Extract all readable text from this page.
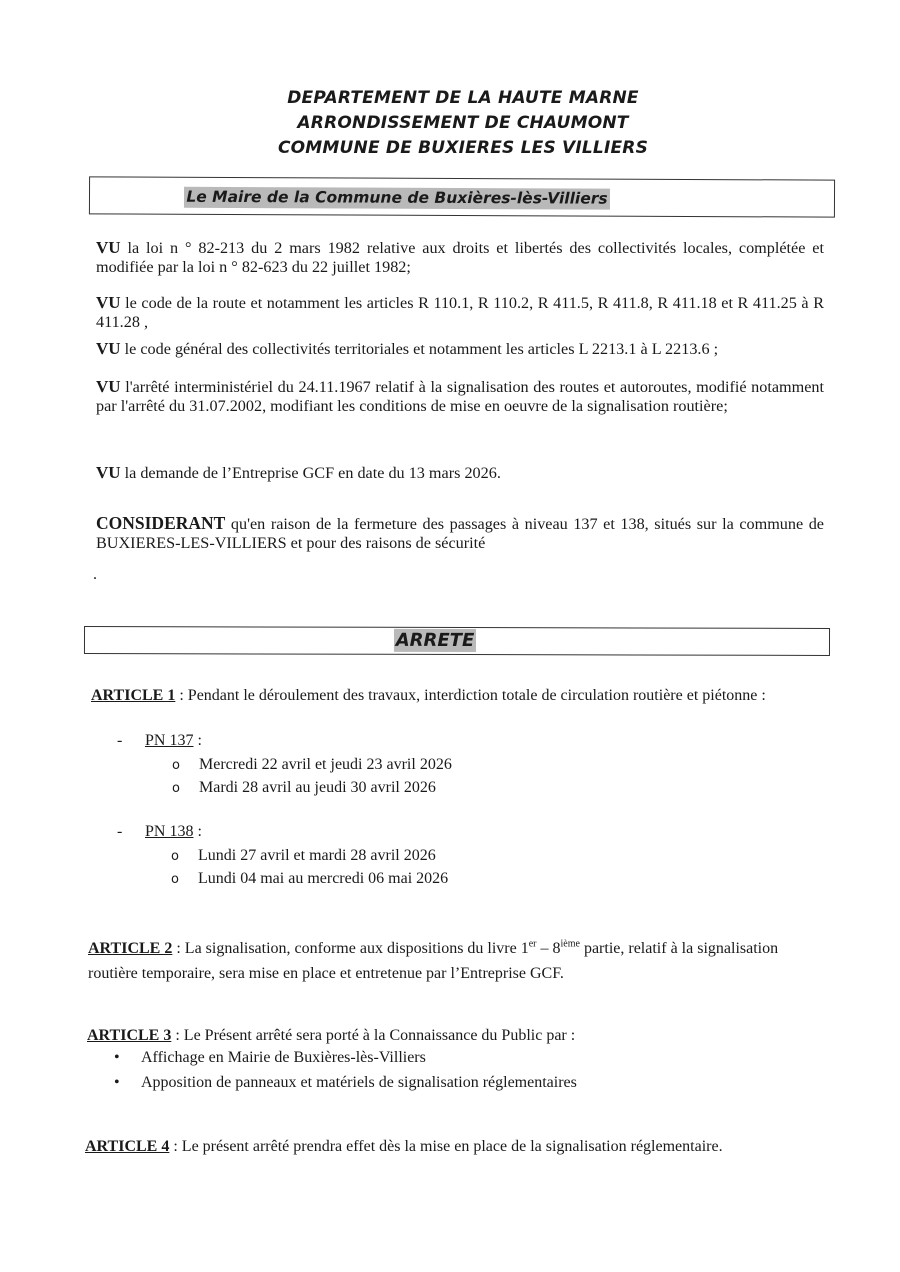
DEPARTEMENT DE LA HAUTE MARNE
ARRONDISSEMENT DE CHAUMONT
COMMUNE DE BUXIERES LES VILLIERS
Le Maire de la Commune de Buxières-lès-Villiers
VU la loi n ° 82-213 du 2 mars 1982 relative aux droits et libertés des collectivités locales, complétée et modifiée par la loi n ° 82-623 du 22 juillet 1982;
VU le code de la route et notamment les articles R 110.1, R 110.2, R 411.5, R 411.8, R 411.18 et R 411.25 à R 411.28 ,
VU le code général des collectivités territoriales et notamment les articles L 2213.1 à L 2213.6 ;
VU l'arrêté interministériel du 24.11.1967 relatif à la signalisation des routes et autoroutes, modifié notamment par l'arrêté du 31.07.2002, modifiant les conditions de mise en oeuvre de la signalisation routière;
VU la demande de l’Entreprise GCF en date du 13 mars 2026.
CONSIDERANT qu'en raison de la fermeture des passages à niveau 137 et 138, situés sur la commune de BUXIERES-LES-VILLIERS et pour des raisons de sécurité
.
ARRETE
ARTICLE 1 : Pendant le déroulement des travaux, interdiction totale de circulation routière et piétonne :
- PN 137 :
o Mercredi 22 avril et jeudi 23 avril 2026
o Mardi 28 avril au jeudi 30 avril 2026
- PN 138 :
o Lundi 27 avril et mardi 28 avril 2026
o Lundi 04 mai au mercredi 06 mai 2026
ARTICLE 2 : La signalisation, conforme aux dispositions du livre 1er – 8ième partie, relatif à la signalisation
routière temporaire, sera mise en place et entretenue par l’Entreprise GCF.
ARTICLE 3 : Le Présent arrêté sera porté à la Connaissance du Public par :
• Affichage en Mairie de Buxières-lès-Villiers
• Apposition de panneaux et matériels de signalisation réglementaires
ARTICLE 4 : Le présent arrêté prendra effet dès la mise en place de la signalisation réglementaire.
